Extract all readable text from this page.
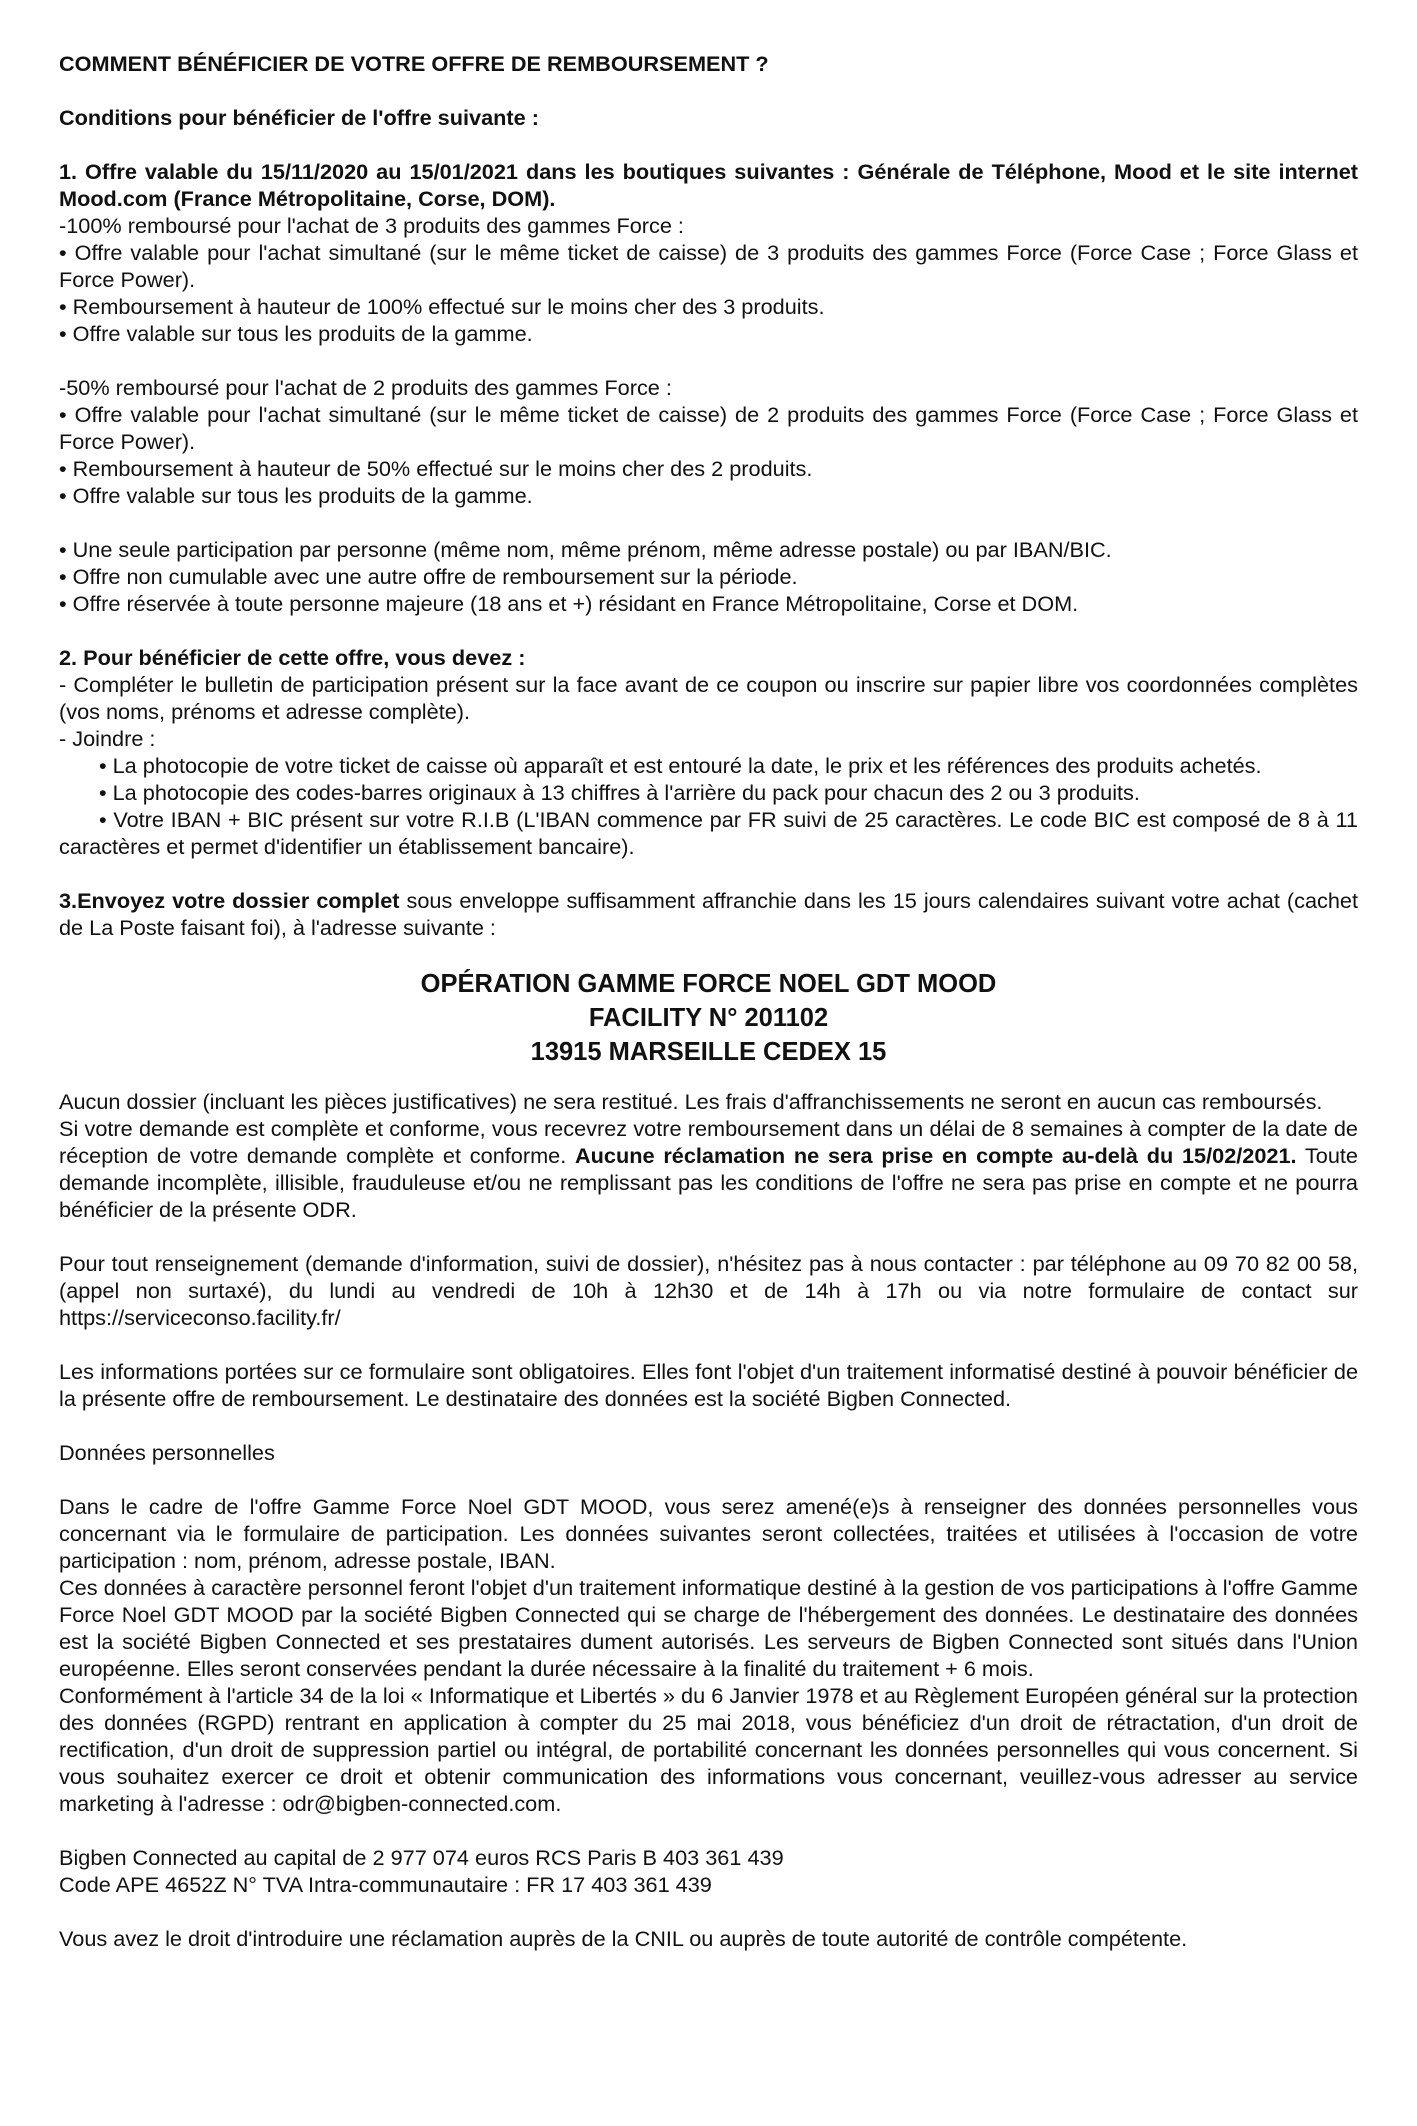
COMMENT BÉNÉFICIER DE VOTRE OFFRE DE REMBOURSEMENT ?

Conditions pour bénéficier de l'offre suivante :

1. Offre valable du 15/11/2020 au 15/01/2021 dans les boutiques suivantes : Générale de Téléphone, Mood et le site internet Mood.com (France Métropolitaine, Corse, DOM).

-100% remboursé pour l'achat de 3 produits des gammes Force :

• Offre valable pour l'achat simultané (sur le même ticket de caisse) de 3 produits des gammes Force (Force Case ; Force Glass et Force Power).

• Remboursement à hauteur de 100% effectué sur le moins cher des 3 produits.

• Offre valable sur tous les produits de la gamme.

-50% remboursé pour l'achat de 2 produits des gammes Force :

• Offre valable pour l'achat simultané (sur le même ticket de caisse) de 2 produits des gammes Force (Force Case ; Force Glass et Force Power).

• Remboursement à hauteur de 50% effectué sur le moins cher des 2 produits.

• Offre valable sur tous les produits de la gamme.

• Une seule participation par personne (même nom, même prénom, même adresse postale) ou par IBAN/BIC.

• Offre non cumulable avec une autre offre de remboursement sur la période.

• Offre réservée à toute personne majeure (18 ans et +) résidant en France Métropolitaine, Corse et DOM.

2. Pour bénéficier de cette offre, vous devez :

- Compléter le bulletin de participation présent sur la face avant de ce coupon ou inscrire sur papier libre vos coordonnées complètes (vos noms, prénoms et adresse complète).

- Joindre :

• La photocopie de votre ticket de caisse où apparaît et est entouré la date, le prix et les références des produits achetés.

• La photocopie des codes-barres originaux à 13 chiffres à l'arrière du pack pour chacun des 2 ou 3 produits.

• Votre IBAN + BIC présent sur votre R.I.B (L'IBAN commence par FR suivi de 25 caractères. Le code BIC est composé de 8 à 11 caractères et permet d'identifier un établissement bancaire).

3.Envoyez votre dossier complet sous enveloppe suffisamment affranchie dans les 15 jours calendaires suivant votre achat (cachet de La Poste faisant foi), à l'adresse suivante :

OPÉRATION GAMME FORCE NOEL GDT MOOD
FACILITY N° 201102
13915 MARSEILLE CEDEX 15

Aucun dossier (incluant les pièces justificatives) ne sera restitué. Les frais d'affranchissements ne seront en aucun cas remboursés.

Si votre demande est complète et conforme, vous recevrez votre remboursement dans un délai de 8 semaines à compter de la date de réception de votre demande complète et conforme. Aucune réclamation ne sera prise en compte au-delà du 15/02/2021. Toute demande incomplète, illisible, frauduleuse et/ou ne remplissant pas les conditions de l'offre ne sera pas prise en compte et ne pourra bénéficier de la présente ODR.

Pour tout renseignement (demande d'information, suivi de dossier), n'hésitez pas à nous contacter : par téléphone au 09 70 82 00 58, (appel non surtaxé), du lundi au vendredi de 10h à 12h30 et de 14h à 17h ou via notre formulaire de contact sur https://serviceconso.facility.fr/

Les informations portées sur ce formulaire sont obligatoires. Elles font l'objet d'un traitement informatisé destiné à pouvoir bénéficier de la présente offre de remboursement. Le destinataire des données est la société Bigben Connected.

Données personnelles

Dans le cadre de l'offre Gamme Force Noel GDT MOOD, vous serez amené(e)s à renseigner des données personnelles vous concernant via le formulaire de participation. Les données suivantes seront collectées, traitées et utilisées à l'occasion de votre participation : nom, prénom, adresse postale, IBAN.

Ces données à caractère personnel feront l'objet d'un traitement informatique destiné à la gestion de vos participations à l'offre Gamme Force Noel GDT MOOD par la société Bigben Connected qui se charge de l'hébergement des données. Le destinataire des données est la société Bigben Connected et ses prestataires dument autorisés. Les serveurs de Bigben Connected sont situés dans l'Union européenne. Elles seront conservées pendant la durée nécessaire à la finalité du traitement + 6 mois.

Conformément à l'article 34 de la loi « Informatique et Libertés » du 6 Janvier 1978 et au Règlement Européen général sur la protection des données (RGPD) rentrant en application à compter du 25 mai 2018, vous bénéficiez d'un droit de rétractation, d'un droit de rectification, d'un droit de suppression partiel ou intégral, de portabilité concernant les données personnelles qui vous concernent. Si vous souhaitez exercer ce droit et obtenir communication des informations vous concernant, veuillez-vous adresser au service marketing à l'adresse : odr@bigben-connected.com.

Bigben Connected au capital de 2 977 074 euros RCS Paris B 403 361 439

Code APE 4652Z N° TVA Intra-communautaire : FR 17 403 361 439

Vous avez le droit d'introduire une réclamation auprès de la CNIL ou auprès de toute autorité de contrôle compétente.
